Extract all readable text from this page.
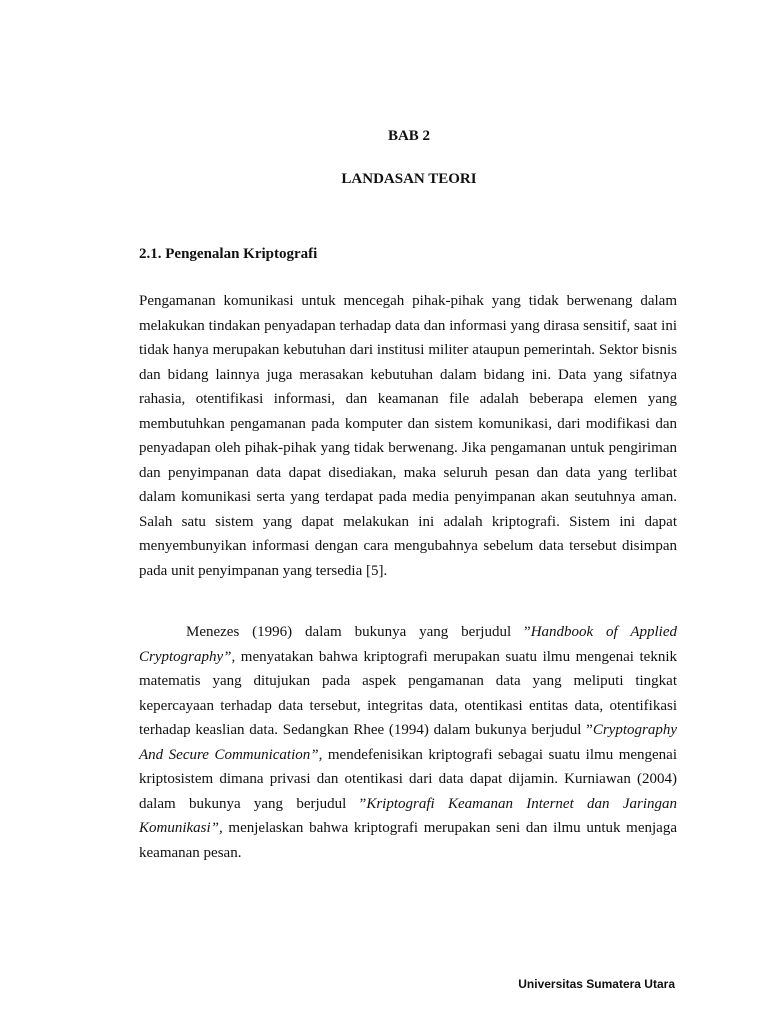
BAB 2
LANDASAN TEORI
2.1. Pengenalan Kriptografi

Pengamanan komunikasi untuk mencegah pihak-pihak yang tidak berwenang dalam melakukan tindakan penyadapan terhadap data dan informasi yang dirasa sensitif, saat ini tidak hanya merupakan kebutuhan dari institusi militer ataupun pemerintah. Sektor bisnis dan bidang lainnya juga merasakan kebutuhan dalam bidang ini. Data yang sifatnya rahasia, otentifikasi informasi, dan keamanan file adalah beberapa elemen yang membutuhkan pengamanan pada komputer dan sistem komunikasi, dari modifikasi dan penyadapan oleh pihak-pihak yang tidak berwenang. Jika pengamanan untuk pengiriman dan penyimpanan data dapat disediakan, maka seluruh pesan dan data yang terlibat dalam komunikasi serta yang terdapat pada media penyimpanan akan seutuhnya aman. Salah satu sistem yang dapat melakukan ini adalah kriptografi. Sistem ini dapat menyembunyikan informasi dengan cara mengubahnya sebelum data tersebut disimpan pada unit penyimpanan yang tersedia [5].

Menezes (1996) dalam bukunya yang berjudul ”Handbook of Applied Cryptography”, menyatakan bahwa kriptografi merupakan suatu ilmu mengenai teknik matematis yang ditujukan pada aspek pengamanan data yang meliputi tingkat kepercayaan terhadap data tersebut, integritas data, otentikasi entitas data, otentifikasi terhadap keaslian data. Sedangkan Rhee (1994) dalam bukunya berjudul ”Cryptography And Secure Communication”, mendefenisikan kriptografi sebagai suatu ilmu mengenai kriptosistem dimana privasi dan otentikasi dari data dapat dijamin. Kurniawan (2004) dalam bukunya yang berjudul ”Kriptografi Keamanan Internet dan Jaringan Komunikasi”, menjelaskan bahwa kriptografi merupakan seni dan ilmu untuk menjaga keamanan pesan.

Universitas Sumatera Utara
